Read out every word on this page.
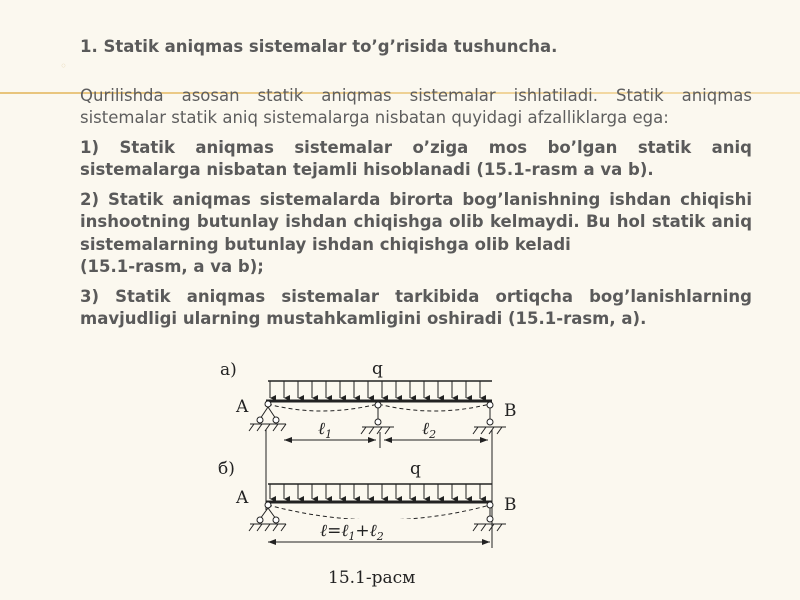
1. Statik aniqmas sistemalar to’g’risida tushuncha.

◦

Qurilishda asosan statik aniqmas sistemalar ishlatiladi. Statik aniqmas sistemalar statik aniq sistemalarga nisbatan quyidagi afzalliklarga ega:

1) Statik aniqmas sistemalar o’ziga mos bo’lgan statik aniq sistemalarga nisbatan tejamli hisoblanadi (15.1-rasm a va b).

2) Statik aniqmas sistemalarda birorta bog’lanishning ishdan chiqishi inshootning butunlay ishdan chiqishga olib kelmaydi. Bu hol statik aniq sistemalarning butunlay ishdan chiqishga olib keladi
(15.1-rasm, a va b);

3) Statik aniqmas sistemalar tarkibida ortiqcha bog’lanishlarning mavjudligi ularning mustahkamligini oshiradi (15.1-rasm, a).

а)	q
A	B
ℓ$_1$	ℓ$_2$
б)	q
A	B
ℓ=ℓ$_1$+ℓ$_2$
15.1-расм
